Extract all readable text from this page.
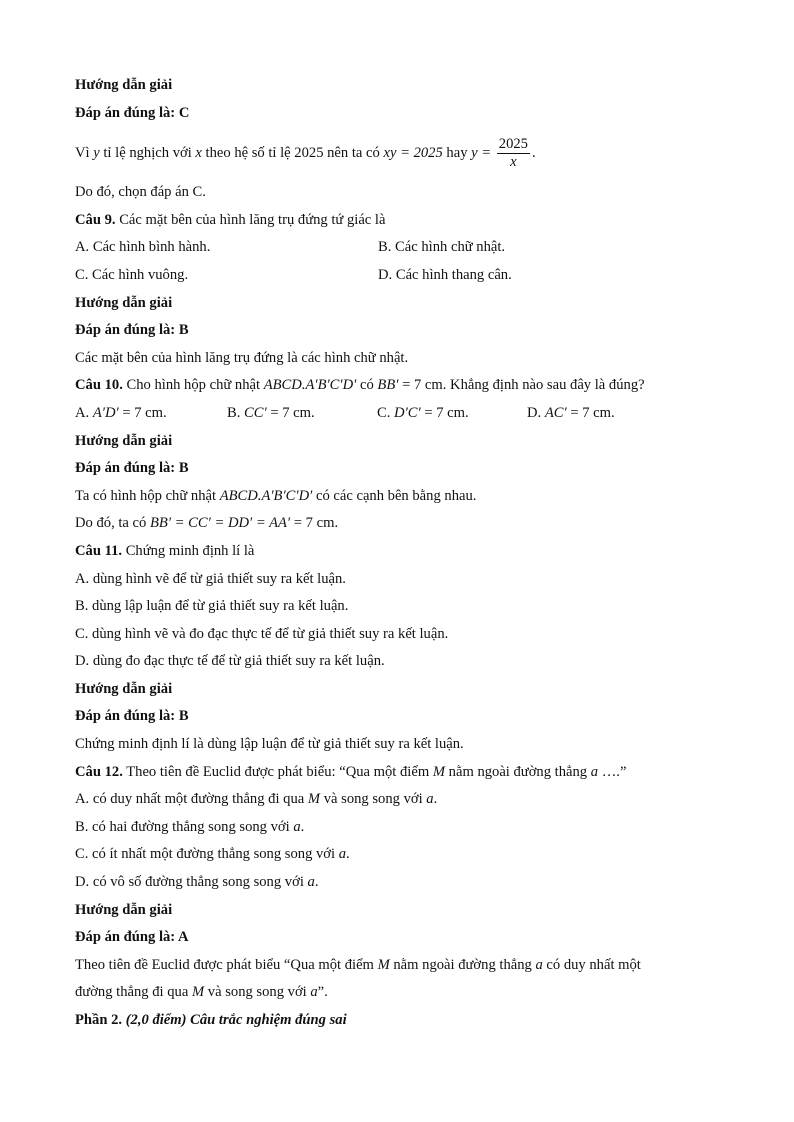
Hướng dẫn giải
Đáp án đúng là: C
Vì y tỉ lệ nghịch với x theo hệ số tỉ lệ 2025 nên ta có xy = 2025 hay $y = \frac{2025}{x}$ .
Do đó, chọn đáp án C.
Câu 9. Các mặt bên của hình lăng trụ đứng tứ giác là
A. Các hình bình hành.	B. Các hình chữ nhật.
C. Các hình vuông.	D. Các hình thang cân.
Hướng dẫn giải
Đáp án đúng là: B
Các mặt bên của hình lăng trụ đứng là các hình chữ nhật.
Câu 10. Cho hình hộp chữ nhật ABCD.A′B′C′D′ có BB′ = 7 cm. Khẳng định nào sau đây là đúng?
A. A′D′ = 7 cm.	B. CC′ = 7 cm.	C. D′C′ = 7 cm.	D. AC′ = 7 cm.
Hướng dẫn giải
Đáp án đúng là: B
Ta có hình hộp chữ nhật ABCD.A′B′C′D′ có các cạnh bên bằng nhau.
Do đó, ta có BB′ = CC′ = DD′ = AA′ = 7 cm.
Câu 11. Chứng minh định lí là
A. dùng hình vẽ để từ giả thiết suy ra kết luận.
B. dùng lập luận để từ giả thiết suy ra kết luận.
C. dùng hình vẽ và đo đạc thực tế để từ giả thiết suy ra kết luận.
D. dùng đo đạc thực tế để từ giả thiết suy ra kết luận.
Hướng dẫn giải
Đáp án đúng là: B
Chứng minh định lí là dùng lập luận để từ giả thiết suy ra kết luận.
Câu 12. Theo tiên đề Euclid được phát biểu: “Qua một điểm M nằm ngoài đường thẳng a ….”
A. có duy nhất một đường thẳng đi qua M và song song với a.
B. có hai đường thẳng song song với a.
C. có ít nhất một đường thẳng song song với a.
D. có vô số đường thẳng song song với a.
Hướng dẫn giải
Đáp án đúng là: A
Theo tiên đề Euclid được phát biểu “Qua một điểm M nằm ngoài đường thẳng a có duy nhất một
đường thẳng đi qua M và song song với a”.
Phần 2. (2,0 điểm) Câu trắc nghiệm đúng sai
